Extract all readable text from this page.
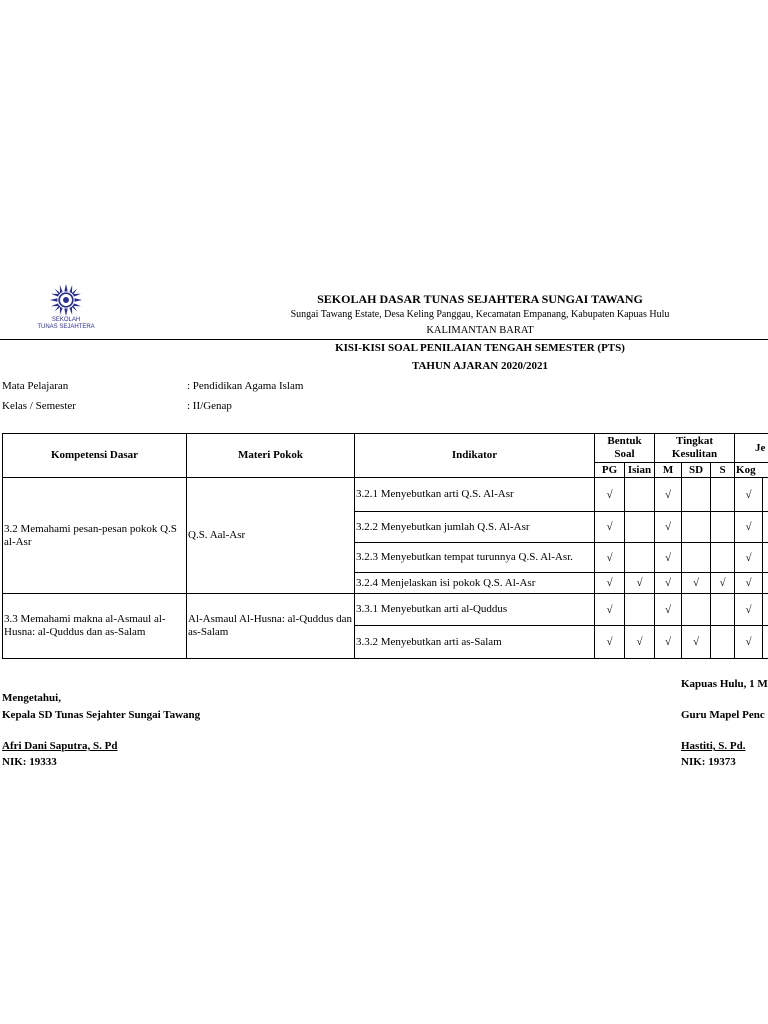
SEKOLAH
TUNAS SEJAHTERA
SEKOLAH DASAR TUNAS SEJAHTERA SUNGAI TAWANG
Sungai Tawang Estate, Desa Keling Panggau, Kecamatan Empanang, Kabupaten Kapuas Hulu
KALIMANTAN BARAT
KISI-KISI SOAL PENILAIAN TENGAH SEMESTER (PTS)
TAHUN AJARAN 2020/2021
Mata Pelajaran	: Pendidikan Agama Islam
Kelas / Semester	: II/Genap
Kompetensi Dasar	Materi Pokok	Indikator	Bentuk Soal		Tingkat Kesulitan			Je	
			PG	Isian	M	SD	S	Kog	
3.2 Memahami pesan-pesan pokok Q.S al-Asr	Q.S. Aal-Asr	3.2.1 Menyebutkan arti Q.S. Al-Asr	√		√			√	
		3.2.2 Menyebutkan jumlah Q.S. Al-Asr	√		√			√	
		3.2.3 Menyebutkan tempat turunnya Q.S. Al-Asr.	√		√			√	
		3.2.4 Menjelaskan isi pokok Q.S. Al-Asr	√	√	√	√	√	√	
3.3 Memahami makna al-Asmaul al-Husna: al-Quddus dan as-Salam	Al-Asmaul Al-Husna: al-Quddus dan as-Salam	3.3.1 Menyebutkan arti al-Quddus	√		√			√	
		3.3.2 Menyebutkan arti as-Salam	√	√	√	√		√	
Mengetahui,
Kepala SD Tunas Sejahter Sungai Tawang
Afri Dani Saputra, S. Pd
NIK: 19333
Kapuas Hulu, 1 M
Guru Mapel Penc
Hastiti, S. Pd.
NIK: 19373
